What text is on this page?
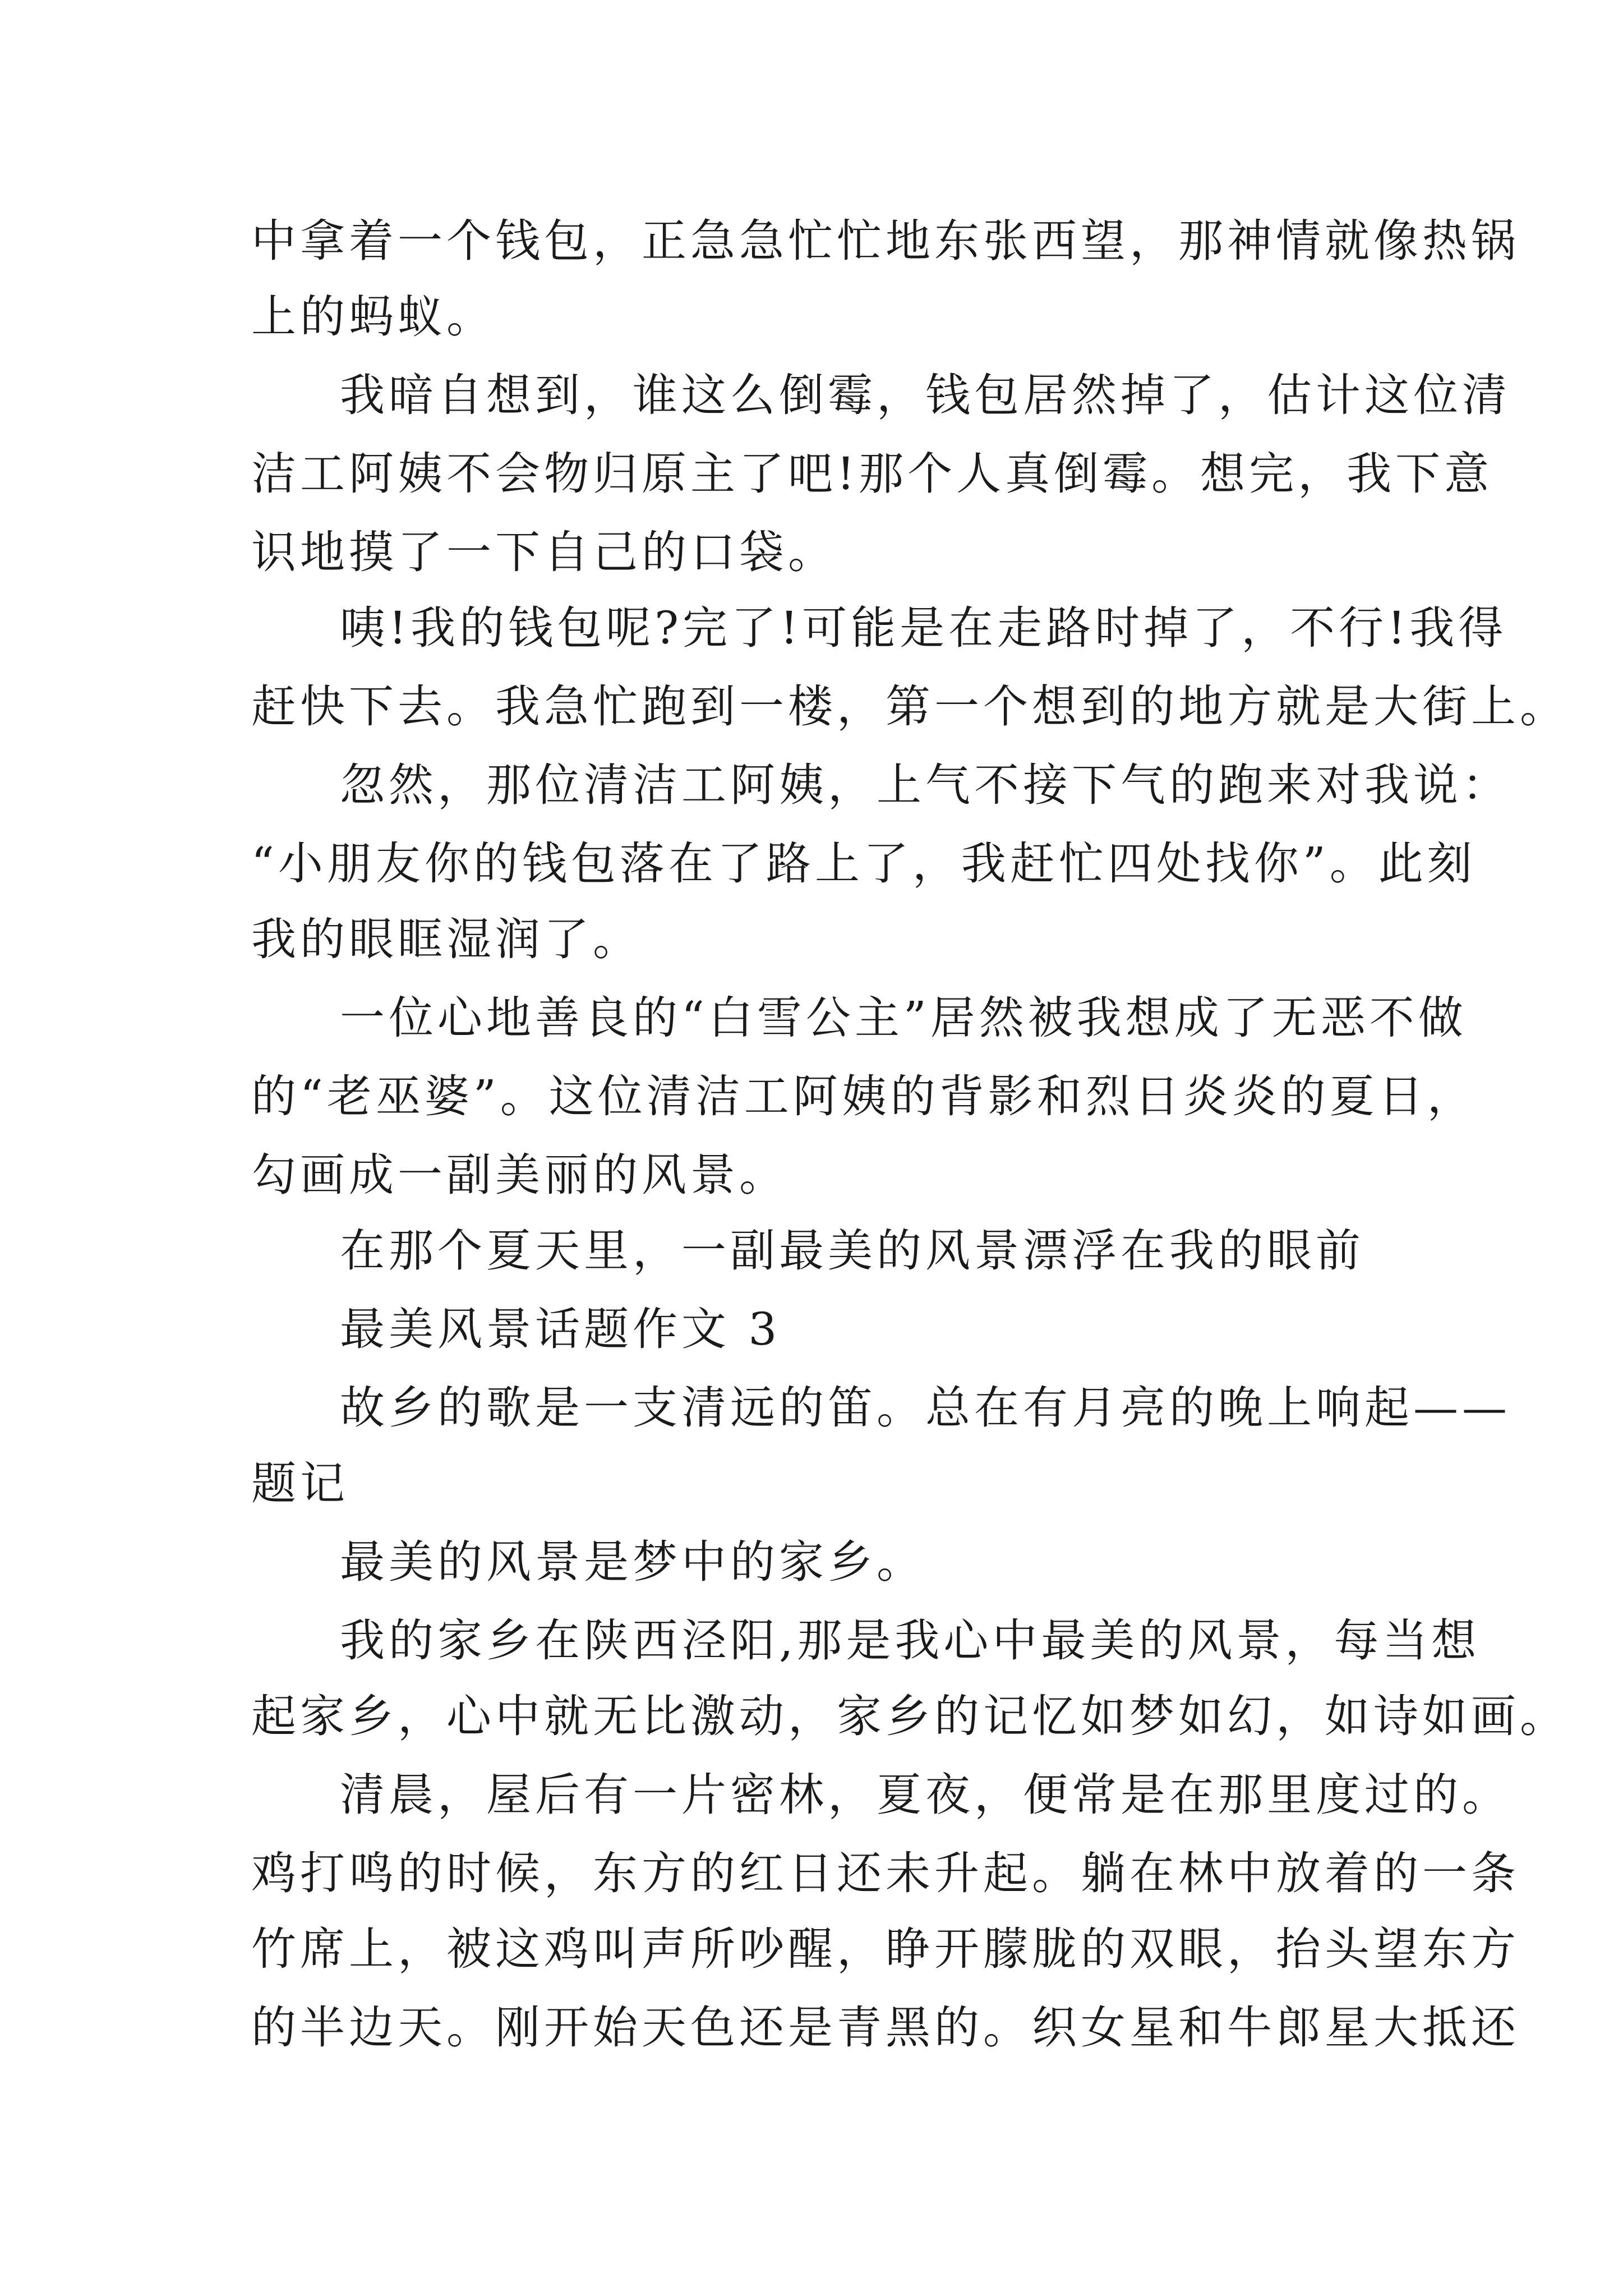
中拿着一个钱包，正急急忙忙地东张西望，那神情就像热锅
上的蚂蚁。
我暗自想到，谁这么倒霉，钱包居然掉了，估计这位清
洁工阿姨不会物归原主了吧!那个人真倒霉。想完，我下意
识地摸了一下自己的口袋。
咦!我的钱包呢?完了!可能是在走路时掉了，不行!我得
赶快下去。我急忙跑到一楼，第一个想到的地方就是大街上。
忽然，那位清洁工阿姨，上气不接下气的跑来对我说：
“小朋友你的钱包落在了路上了，我赶忙四处找你”。此刻
我的眼眶湿润了。
一位心地善良的“白雪公主”居然被我想成了无恶不做
的“老巫婆”。这位清洁工阿姨的背影和烈日炎炎的夏日，
勾画成一副美丽的风景。
在那个夏天里，一副最美的风景漂浮在我的眼前
最美风景话题作文 3
故乡的歌是一支清远的笛。总在有月亮的晚上响起——
题记
最美的风景是梦中的家乡。
我的家乡在陕西泾阳,那是我心中最美的风景，每当想
起家乡，心中就无比激动，家乡的记忆如梦如幻，如诗如画。
清晨，屋后有一片密林，夏夜，便常是在那里度过的。
鸡打鸣的时候，东方的红日还未升起。躺在林中放着的一条
竹席上，被这鸡叫声所吵醒，睁开朦胧的双眼，抬头望东方
的半边天。刚开始天色还是青黑的。织女星和牛郎星大抵还
